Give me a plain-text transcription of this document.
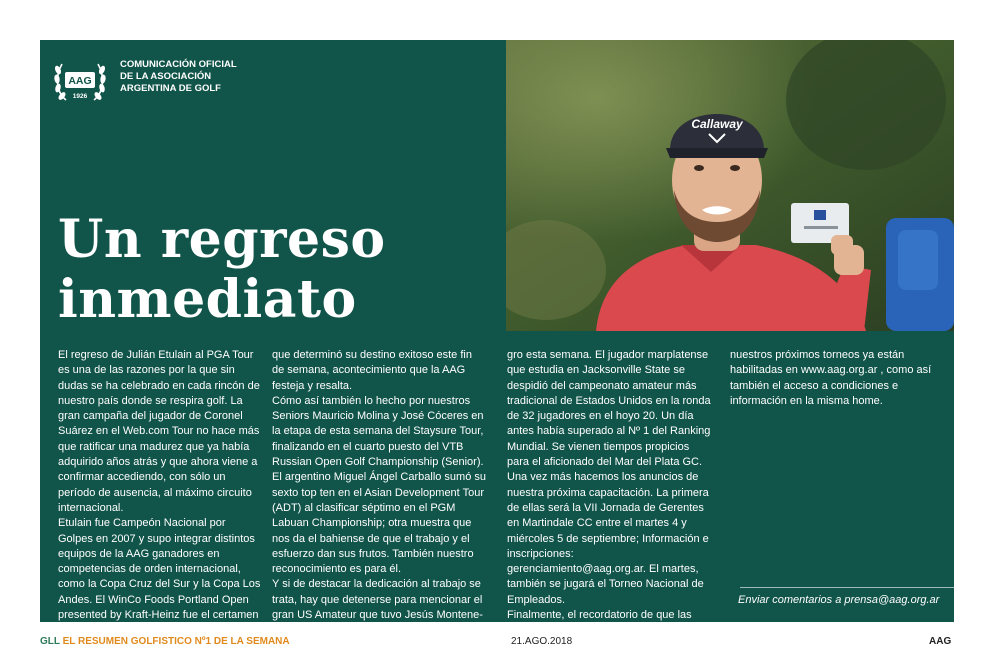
AAG
1926
COMUNICACIÓN OFICIAL
DE LA ASOCIACIÓN
ARGENTINA DE GOLF
Callaway
Un regreso
inmediato

El regreso de Julián Etulain al PGA Tour es una de las razones por la que sin dudas se ha celebrado en cada rincón de nuestro país donde se respira golf. La gran campaña del jugador de Coronel Suárez en el Web.com Tour no hace más que ratificar una madurez que ya había adquirido años atrás y que ahora viene a confirmar accediendo, con sólo un período de ausencia, al máximo circuito internacional.

Etulain fue Campeón Nacional por Golpes en 2007 y supo integrar distintos equipos de la AAG ganadores en competencias de orden internacional, como la Copa Cruz del Sur y la Copa Los Andes. El WinCo Foods Portland Open presented by Kraft-Heinz fue el certamen

que determinó su destino exitoso este fin de semana, acontecimiento que la AAG festeja y resalta.

Cómo así también lo hecho por nuestros Seniors Mauricio Molina y José Cóceres en la etapa de esta semana del Staysure Tour, finalizando en el cuarto puesto del VTB Russian Open Golf Championship (Senior).

El argentino Miguel Ángel Carballo sumó su sexto top ten en el Asian Development Tour (ADT) al clasificar séptimo en el PGM Labuan Championship; otra muestra que nos da el bahiense de que el trabajo y el esfuerzo dan sus frutos. También nuestro reconocimiento es para él.

Y si de destacar la dedicación al trabajo se trata, hay que detenerse para mencionar el gran US Amateur que tuvo Jesús Montene-

gro esta semana. El jugador marplatense que estudia en Jacksonville State se despidió del campeonato amateur más tradicional de Estados Unidos en la ronda de 32 jugadores en el hoyo 20. Un día antes había superado al Nº 1 del Ranking Mundial. Se vienen tiempos propicios para el aficionado del Mar del Plata GC.

Una vez más hacemos los anuncios de nuestra próxima capacitación. La primera de ellas será la VII Jornada de Gerentes en Martindale CC entre el martes 4 y miércoles 5 de septiembre; Información e inscripciones: gerenciamiento@aag.org.ar. El martes, también se jugará el Torneo Nacional de Empleados.

Finalmente, el recordatorio de que las inscripciones on line para cuatro de

nuestros próximos torneos ya están habilitadas en www.aag.org.ar , como así también el acceso a condiciones e información en la misma home.

Enviar comentarios a prensa@aag.org.ar
GLL EL RESUMEN GOLFISTICO Nº1 DE LA SEMANA	21.AGO.2018	AAG
